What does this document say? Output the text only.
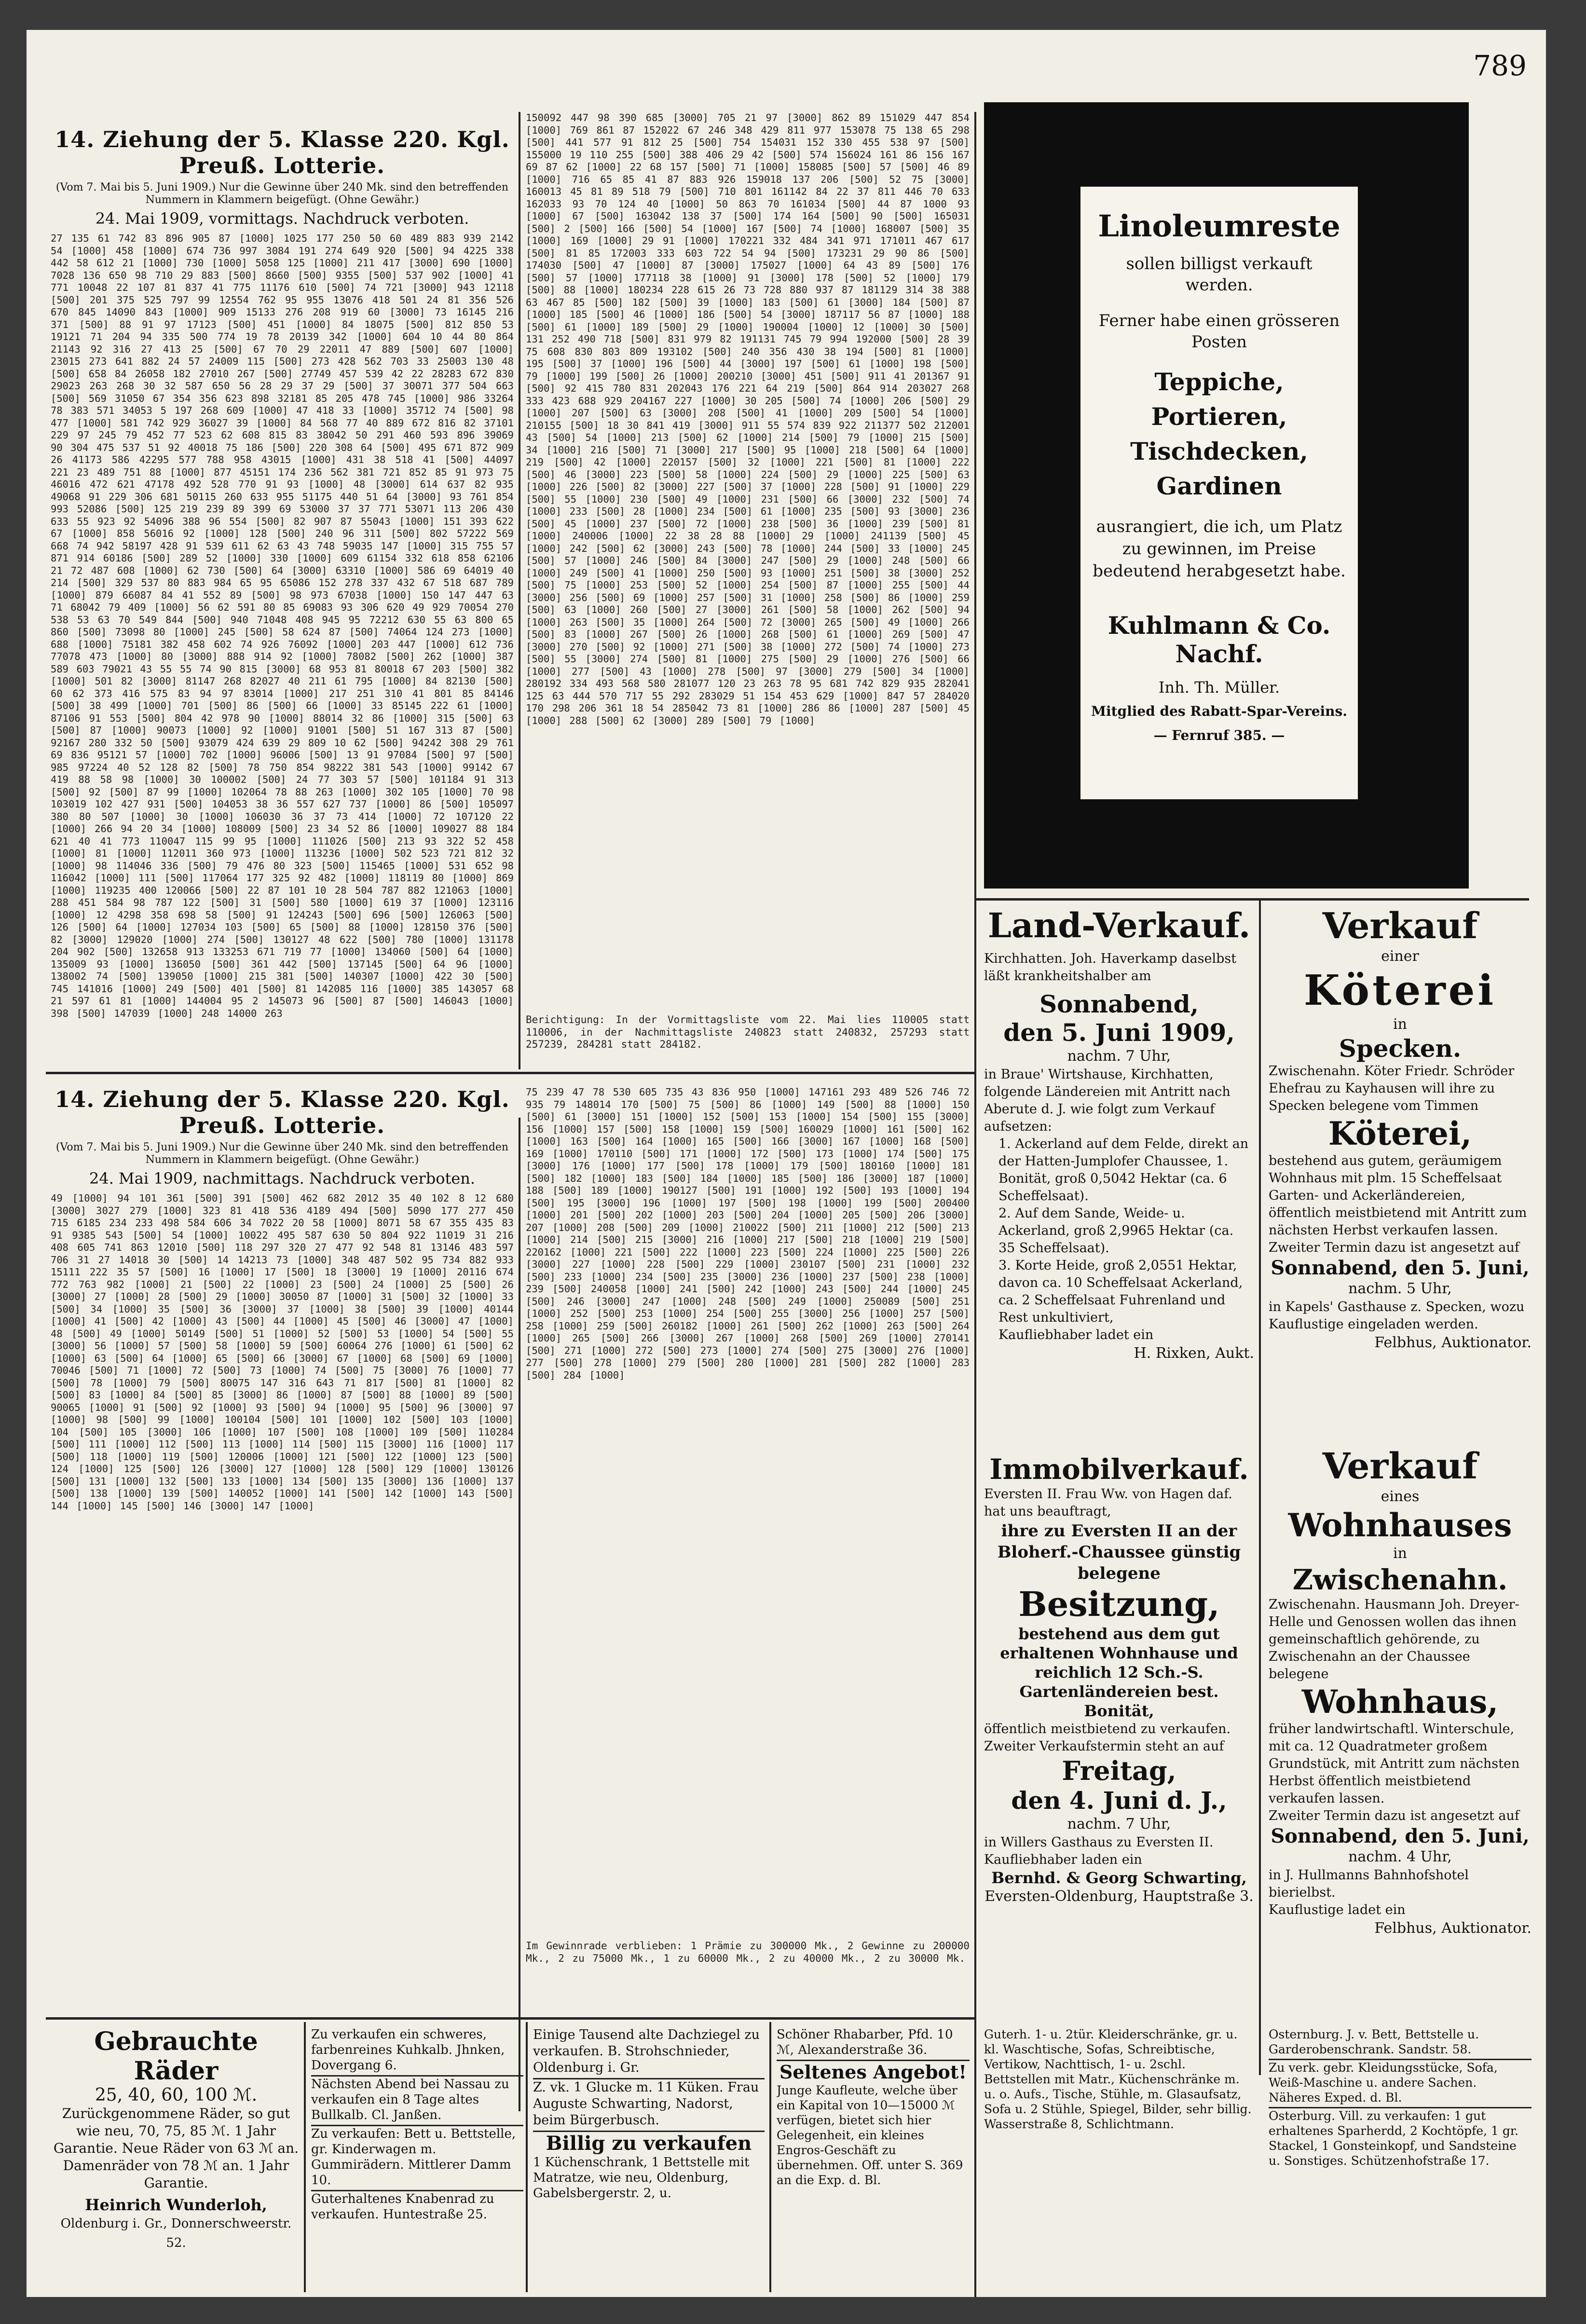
789
14. Ziehung der 5. Klasse 220. Kgl. Preuß. Lotterie.
(Vom 7. Mai bis 5. Juni 1909.) Nur die Gewinne über 240 Mk. sind den betreffenden Nummern in Klammern beigefügt. (Ohne Gewähr.)
24. Mai 1909, vormittags. Nachdruck verboten.
27 135 61 742 83 896 905 87 [1000] 1025 177 250 50 60 489 883 939 2142 54 [1000] 458 [1000] 674 736 997 3084 191 274 649 920 [500] 94 4225 338 442 58 612 21 [1000] 730 [1000] 5058 125 [1000] 211 417 [3000] 690 [1000] 7028 136 650 98 710 29 883 [500] 8660 [500] 9355 [500] 537 902 [1000] 41 771 10048 22 107 81 837 41 775 11176 610 [500] 74 721 [3000] 943 12118 [500] 201 375 525 797 99 12554 762 95 955 13076 418 501 24 81 356 526 670 845 14090 843 [1000] 909 15133 276 208 919 60 [3000] 73 16145 216 371 [500] 88 91 97 17123 [500] 451 [1000] 84 18075 [500] 812 850 53 19121 71 204 94 335 500 774 19 78 20139 342 [1000] 604 10 44 80 864 21143 92 316 27 413 25 [500] 67 70 29 22011 47 889 [500] 607 [1000] 23015 273 641 882 24 57 24009 115 [500] 273 428 562 703 33 25003 130 48 [500] 658 84 26058 182 27010 267 [500] 27749 457 539 42 22 28283 672 830 29023 263 268 30 32 587 650 56 28 29 37 29 [500] 37 30071 377 504 663 [500] 569 31050 67 354 356 623 898 32181 85 205 478 745 [1000] 986 33264 78 383 571 34053 5 197 268 609 [1000] 47 418 33 [1000] 35712 74 [500] 98 477 [1000] 581 742 929 36027 39 [1000] 84 568 77 40 889 672 816 82 37101 229 97 245 79 452 77 523 62 608 815 83 38042 50 291 460 593 896 39069 90 304 475 537 51 92 40018 75 186 [500] 220 308 64 [500] 495 671 872 909 26 41173 586 42295 577 788 958 43015 [1000] 431 38 518 41 [500] 44097 221 23 489 751 88 [1000] 877 45151 174 236 562 381 721 852 85 91 973 75 46016 472 621 47178 492 528 770 91 93 [1000] 48 [3000] 614 637 82 935 49068 91 229 306 681 50115 260 633 955 51175 440 51 64 [3000] 93 761 854 993 52086 [500] 125 219 239 89 399 69 53000 37 37 771 53071 113 206 430 633 55 923 92 54096 388 96 554 [500] 82 907 87 55043 [1000] 151 393 622 67 [1000] 858 56016 92 [1000] 128 [500] 240 96 311 [500] 802 57222 569 668 74 942 58197 428 91 539 611 62 63 43 748 59035 147 [1000] 315 755 57 871 914 60186 [500] 289 52 [1000] 330 [1000] 609 61154 332 618 858 62106 21 72 487 608 [1000] 62 730 [500] 64 [3000] 63310 [1000] 586 69 64019 40 214 [500] 329 537 80 883 984 65 95 65086 152 278 337 432 67 518 687 789 [1000] 879 66087 84 41 552 89 [500] 98 973 67038 [1000] 150 147 447 63 71 68042 79 409 [1000] 56 62 591 80 85 69083 93 306 620 49 929 70054 270 538 53 63 70 549 844 [500] 940 71048 408 945 95 72212 630 55 63 800 65 860 [500] 73098 80 [1000] 245 [500] 58 624 87 [500] 74064 124 273 [1000] 688 [1000] 75181 382 458 602 74 926 76092 [1000] 203 447 [1000] 612 736 77078 473 [1000] 80 [3000] 888 914 92 [1000] 78082 [500] 262 [1000] 387 589 603 79021 43 55 55 74 90 815 [3000] 68 953 81 80018 67 203 [500] 382 [1000] 501 82 [3000] 81147 268 82027 40 211 61 795 [1000] 84 82130 [500] 60 62 373 416 575 83 94 97 83014 [1000] 217 251 310 41 801 85 84146 [500] 38 499 [1000] 701 [500] 86 [500] 66 [1000] 33 85145 222 61 [1000] 87106 91 553 [500] 804 42 978 90 [1000] 88014 32 86 [1000] 315 [500] 63 [500] 87 [1000] 90073 [1000] 92 [1000] 91001 [500] 51 167 313 87 [500] 92167 280 332 50 [500] 93079 424 639 29 809 10 62 [500] 94242 308 29 761 69 836 95121 57 [1000] 702 [1000] 96006 [500] 13 91 97084 [500] 97 [500] 985 97224 40 52 128 82 [500] 78 750 854 98222 381 543 [1000] 99142 67 419 88 58 98 [1000] 30 100002 [500] 24 77 303 57 [500] 101184 91 313 [500] 92 [500] 87 99 [1000] 102064 78 88 263 [1000] 302 105 [1000] 70 98 103019 102 427 931 [500] 104053 38 36 557 627 737 [1000] 86 [500] 105097 380 80 507 [1000] 30 [1000] 106030 36 37 73 414 [1000] 72 107120 22 [1000] 266 94 20 34 [1000] 108009 [500] 23 34 52 86 [1000] 109027 88 184 621 40 41 773 110047 115 99 95 [1000] 111026 [500] 213 93 322 52 458 [1000] 81 [1000] 112011 360 973 [1000] 113236 [1000] 502 523 721 812 32 [1000] 98 114046 336 [500] 79 476 80 323 [500] 115465 [1000] 531 652 98 116042 [1000] 111 [500] 117064 177 325 92 482 [1000] 118119 80 [1000] 869 [1000] 119235 400 120066 [500] 22 87 101 10 28 504 787 882 121063 [1000] 288 451 584 98 787 122 [500] 31 [500] 580 [1000] 619 37 [1000] 123116 [1000] 12 4298 358 698 58 [500] 91 124243 [500] 696 [500] 126063 [500] 126 [500] 64 [1000] 127034 103 [500] 65 [500] 88 [1000] 128150 376 [500] 82 [3000] 129020 [1000] 274 [500] 130127 48 622 [500] 780 [1000] 131178 204 902 [500] 132658 913 133253 671 719 77 [1000] 134060 [500] 64 [1000] 135009 93 [1000] 136050 [500] 361 442 [500] 137145 [500] 64 96 [1000] 138002 74 [500] 139050 [1000] 215 381 [500] 140307 [1000] 422 30 [500] 745 141016 [1000] 249 [500] 401 [500] 81 142085 116 [1000] 385 143057 68 21 597 61 81 [1000] 144004 95 2 145073 96 [500] 87 [500] 146043 [1000] 398 [500] 147039 [1000] 248 14000 263
150092 447 98 390 685 [3000] 705 21 97 [3000] 862 89 151029 447 854 [1000] 769 861 87 152022 67 246 348 429 811 977 153078 75 138 65 298 [500] 441 577 91 812 25 [500] 754 154031 152 330 455 538 97 [500] 155000 19 110 255 [500] 388 406 29 42 [500] 574 156024 161 86 156 167 69 87 62 [1000] 22 68 157 [500] 71 [1000] 158085 [500] 57 [500] 46 89 [1000] 716 65 85 41 87 883 926 159018 137 206 [500] 52 75 [3000] 160013 45 81 89 518 79 [500] 710 801 161142 84 22 37 811 446 70 633 162033 93 70 124 40 [1000] 50 863 70 161034 [500] 44 87 1000 93 [1000] 67 [500] 163042 138 37 [500] 174 164 [500] 90 [500] 165031 [500] 2 [500] 166 [500] 54 [1000] 167 [500] 74 [1000] 168007 [500] 35 [1000] 169 [1000] 29 91 [1000] 170221 332 484 341 971 171011 467 617 [500] 81 85 172003 333 603 722 54 94 [500] 173231 29 90 86 [500] 174030 [500] 47 [1000] 87 [3000] 175027 [1000] 64 43 89 [500] 176 [500] 57 [1000] 177118 38 [1000] 91 [3000] 178 [500] 52 [1000] 179 [500] 88 [1000] 180234 228 615 26 73 728 880 937 87 181129 314 38 388 63 467 85 [500] 182 [500] 39 [1000] 183 [500] 61 [3000] 184 [500] 87 [1000] 185 [500] 46 [1000] 186 [500] 54 [3000] 187117 56 87 [1000] 188 [500] 61 [1000] 189 [500] 29 [1000] 190004 [1000] 12 [1000] 30 [500] 131 252 490 718 [500] 831 979 82 191131 745 79 994 192000 [500] 28 39 75 608 830 803 809 193102 [500] 240 356 430 38 194 [500] 81 [1000] 195 [500] 37 [1000] 196 [500] 44 [3000] 197 [500] 61 [1000] 198 [500] 79 [1000] 199 [500] 26 [1000] 200210 [3000] 451 [500] 911 41 201367 91 [500] 92 415 780 831 202043 176 221 64 219 [500] 864 914 203027 268 333 423 688 929 204167 227 [1000] 30 205 [500] 74 [1000] 206 [500] 29 [1000] 207 [500] 63 [3000] 208 [500] 41 [1000] 209 [500] 54 [1000] 210155 [500] 18 30 841 419 [3000] 911 55 574 839 922 211377 502 212001 43 [500] 54 [1000] 213 [500] 62 [1000] 214 [500] 79 [1000] 215 [500] 34 [1000] 216 [500] 71 [3000] 217 [500] 95 [1000] 218 [500] 64 [1000] 219 [500] 42 [1000] 220157 [500] 32 [1000] 221 [500] 81 [1000] 222 [500] 46 [3000] 223 [500] 58 [1000] 224 [500] 29 [1000] 225 [500] 63 [1000] 226 [500] 82 [3000] 227 [500] 37 [1000] 228 [500] 91 [1000] 229 [500] 55 [1000] 230 [500] 49 [1000] 231 [500] 66 [3000] 232 [500] 74 [1000] 233 [500] 28 [1000] 234 [500] 61 [1000] 235 [500] 93 [3000] 236 [500] 45 [1000] 237 [500] 72 [1000] 238 [500] 36 [1000] 239 [500] 81 [1000] 240006 [1000] 22 38 28 88 [1000] 29 [1000] 241139 [500] 45 [1000] 242 [500] 62 [3000] 243 [500] 78 [1000] 244 [500] 33 [1000] 245 [500] 57 [1000] 246 [500] 84 [3000] 247 [500] 29 [1000] 248 [500] 66 [1000] 249 [500] 41 [1000] 250 [500] 93 [1000] 251 [500] 38 [3000] 252 [500] 75 [1000] 253 [500] 52 [1000] 254 [500] 87 [1000] 255 [500] 44 [3000] 256 [500] 69 [1000] 257 [500] 31 [1000] 258 [500] 86 [1000] 259 [500] 63 [1000] 260 [500] 27 [3000] 261 [500] 58 [1000] 262 [500] 94 [1000] 263 [500] 35 [1000] 264 [500] 72 [3000] 265 [500] 49 [1000] 266 [500] 83 [1000] 267 [500] 26 [1000] 268 [500] 61 [1000] 269 [500] 47 [3000] 270 [500] 92 [1000] 271 [500] 38 [1000] 272 [500] 74 [1000] 273 [500] 55 [3000] 274 [500] 81 [1000] 275 [500] 29 [1000] 276 [500] 66 [1000] 277 [500] 43 [1000] 278 [500] 97 [3000] 279 [500] 34 [1000] 280192 334 493 568 580 281077 120 23 263 78 95 681 742 829 935 282041 125 63 444 570 717 55 292 283029 51 154 453 629 [1000] 847 57 284020 170 298 206 361 18 54 285042 73 81 [1000] 286 86 [1000] 287 [500] 45 [1000] 288 [500] 62 [3000] 289 [500] 79 [1000]
Berichtigung: In der Vormittagsliste vom 22. Mai lies 110005 statt 110006, in der Nachmittagsliste 240823 statt 240832, 257293 statt 257239, 284281 statt 284182.
14. Ziehung der 5. Klasse 220. Kgl. Preuß. Lotterie.
(Vom 7. Mai bis 5. Juni 1909.) Nur die Gewinne über 240 Mk. sind den betreffenden Nummern in Klammern beigefügt. (Ohne Gewähr.)
24. Mai 1909, nachmittags. Nachdruck verboten.
49 [1000] 94 101 361 [500] 391 [500] 462 682 2012 35 40 102 8 12 680 [3000] 3027 279 [1000] 323 81 418 536 4189 494 [500] 5090 177 277 450 715 6185 234 233 498 584 606 34 7022 20 58 [1000] 8071 58 67 355 435 83 91 9385 543 [500] 54 [1000] 10022 495 587 630 50 804 922 11019 31 216 408 605 741 863 12010 [500] 118 297 320 27 477 92 548 81 13146 483 597 706 31 27 14018 30 [500] 14 14213 73 [1000] 348 487 502 95 734 882 933 15111 222 35 57 [500] 16 [1000] 17 [500] 18 [3000] 19 [1000] 20116 674 772 763 982 [1000] 21 [500] 22 [1000] 23 [500] 24 [1000] 25 [500] 26 [3000] 27 [1000] 28 [500] 29 [1000] 30050 87 [1000] 31 [500] 32 [1000] 33 [500] 34 [1000] 35 [500] 36 [3000] 37 [1000] 38 [500] 39 [1000] 40144 [1000] 41 [500] 42 [1000] 43 [500] 44 [1000] 45 [500] 46 [3000] 47 [1000] 48 [500] 49 [1000] 50149 [500] 51 [1000] 52 [500] 53 [1000] 54 [500] 55 [3000] 56 [1000] 57 [500] 58 [1000] 59 [500] 60064 276 [1000] 61 [500] 62 [1000] 63 [500] 64 [1000] 65 [500] 66 [3000] 67 [1000] 68 [500] 69 [1000] 70046 [500] 71 [1000] 72 [500] 73 [1000] 74 [500] 75 [3000] 76 [1000] 77 [500] 78 [1000] 79 [500] 80075 147 316 643 71 817 [500] 81 [1000] 82 [500] 83 [1000] 84 [500] 85 [3000] 86 [1000] 87 [500] 88 [1000] 89 [500] 90065 [1000] 91 [500] 92 [1000] 93 [500] 94 [1000] 95 [500] 96 [3000] 97 [1000] 98 [500] 99 [1000] 100104 [500] 101 [1000] 102 [500] 103 [1000] 104 [500] 105 [3000] 106 [1000] 107 [500] 108 [1000] 109 [500] 110284 [500] 111 [1000] 112 [500] 113 [1000] 114 [500] 115 [3000] 116 [1000] 117 [500] 118 [1000] 119 [500] 120006 [1000] 121 [500] 122 [1000] 123 [500] 124 [1000] 125 [500] 126 [3000] 127 [1000] 128 [500] 129 [1000] 130126 [500] 131 [1000] 132 [500] 133 [1000] 134 [500] 135 [3000] 136 [1000] 137 [500] 138 [1000] 139 [500] 140052 [1000] 141 [500] 142 [1000] 143 [500] 144 [1000] 145 [500] 146 [3000] 147 [1000]
75 239 47 78 530 605 735 43 836 950 [1000] 147161 293 489 526 746 72 935 79 148014 170 [500] 75 [500] 86 [1000] 149 [500] 88 [1000] 150 [500] 61 [3000] 151 [1000] 152 [500] 153 [1000] 154 [500] 155 [3000] 156 [1000] 157 [500] 158 [1000] 159 [500] 160029 [1000] 161 [500] 162 [1000] 163 [500] 164 [1000] 165 [500] 166 [3000] 167 [1000] 168 [500] 169 [1000] 170110 [500] 171 [1000] 172 [500] 173 [1000] 174 [500] 175 [3000] 176 [1000] 177 [500] 178 [1000] 179 [500] 180160 [1000] 181 [500] 182 [1000] 183 [500] 184 [1000] 185 [500] 186 [3000] 187 [1000] 188 [500] 189 [1000] 190127 [500] 191 [1000] 192 [500] 193 [1000] 194 [500] 195 [3000] 196 [1000] 197 [500] 198 [1000] 199 [500] 200400 [1000] 201 [500] 202 [1000] 203 [500] 204 [1000] 205 [500] 206 [3000] 207 [1000] 208 [500] 209 [1000] 210022 [500] 211 [1000] 212 [500] 213 [1000] 214 [500] 215 [3000] 216 [1000] 217 [500] 218 [1000] 219 [500] 220162 [1000] 221 [500] 222 [1000] 223 [500] 224 [1000] 225 [500] 226 [3000] 227 [1000] 228 [500] 229 [1000] 230107 [500] 231 [1000] 232 [500] 233 [1000] 234 [500] 235 [3000] 236 [1000] 237 [500] 238 [1000] 239 [500] 240058 [1000] 241 [500] 242 [1000] 243 [500] 244 [1000] 245 [500] 246 [3000] 247 [1000] 248 [500] 249 [1000] 250089 [500] 251 [1000] 252 [500] 253 [1000] 254 [500] 255 [3000] 256 [1000] 257 [500] 258 [1000] 259 [500] 260182 [1000] 261 [500] 262 [1000] 263 [500] 264 [1000] 265 [500] 266 [3000] 267 [1000] 268 [500] 269 [1000] 270141 [500] 271 [1000] 272 [500] 273 [1000] 274 [500] 275 [3000] 276 [1000] 277 [500] 278 [1000] 279 [500] 280 [1000] 281 [500] 282 [1000] 283 [500] 284 [1000]
Im Gewinnrade verblieben: 1 Prämie zu 300000 Mk., 2 Gewinne zu 200000 Mk., 2 zu 75000 Mk., 1 zu 60000 Mk., 2 zu 40000 Mk., 2 zu 30000 Mk.
Linoleumreste
sollen billigst verkauft werden.
Ferner habe einen grösseren Posten
Teppiche, Portieren, Tischdecken, Gardinen
ausrangiert, die ich, um Platz zu gewinnen, im Preise bedeutend herabgesetzt habe.
Kuhlmann & Co. Nachf.
Inh. Th. Müller.
Mitglied des Rabatt-Spar-Vereins.
— Fernruf 385. —
Land-Verkauf.
Kirchhatten. Joh. Haverkamp daselbst läßt krankheitshalber am
Sonnabend,
den 5. Juni 1909,
nachm. 7 Uhr,
in Braue' Wirtshause, Kirchhatten, folgende Ländereien mit Antritt nach Aberute d. J. wie folgt zum Verkauf aufsetzen:
1. Ackerland auf dem Felde, direkt an der Hatten-Jumplofer Chaussee, 1. Bonität, groß 0,5042 Hektar (ca. 6 Scheffelsaat).
2. Auf dem Sande, Weide- u. Ackerland, groß 2,9965 Hektar (ca. 35 Scheffelsaat).
3. Korte Heide, groß 2,0551 Hektar, davon ca. 10 Scheffelsaat Ackerland, ca. 2 Scheffelsaat Fuhrenland und Rest unkultiviert,
Kaufliebhaber ladet ein
H. Rixken, Aukt.
Immobilverkauf.
Eversten II. Frau Ww. von Hagen daf. hat uns beauftragt,
ihre zu Eversten II an der Bloherf.-Chaussee günstig belegene
Besitzung,
bestehend aus dem gut erhaltenen Wohnhause und reichlich 12 Sch.-S. Gartenländereien best. Bonität,
öffentlich meistbietend zu verkaufen.
Zweiter Verkaufstermin steht an auf
Freitag,
den 4. Juni d. J.,
nachm. 7 Uhr,
in Willers Gasthaus zu Eversten II.
Kaufliebhaber laden ein
Bernhd. & Georg Schwarting,
Eversten-Oldenburg, Hauptstraße 3.
Verkauf
einer
Köterei
in
Specken.
Zwischenahn. Köter Friedr. Schröder Ehefrau zu Kayhausen will ihre zu Specken belegene vom Timmen
Köterei,
bestehend aus gutem, geräumigem Wohnhaus mit plm. 15 Scheffelsaat Garten- und Ackerländereien, öffentlich meistbietend mit Antritt zum nächsten Herbst verkaufen lassen.
Zweiter Termin dazu ist angesetzt auf
Sonnabend, den 5. Juni,
nachm. 5 Uhr,
in Kapels' Gasthause z. Specken, wozu Kauflustige eingeladen werden.
Felbhus, Auktionator.
Verkauf
eines
Wohnhauses
in
Zwischenahn.
Zwischenahn. Hausmann Joh. Dreyer-Helle und Genossen wollen das ihnen gemeinschaftlich gehörende, zu Zwischenahn an der Chaussee belegene
Wohnhaus,
früher landwirtschaftl. Winterschule, mit ca. 12 Quadratmeter großem Grundstück, mit Antritt zum nächsten Herbst öffentlich meistbietend verkaufen lassen.
Zweiter Termin dazu ist angesetzt auf
Sonnabend, den 5. Juni,
nachm. 4 Uhr,
in J. Hullmanns Bahnhofshotel bierielbst.
Kauflustige ladet ein
Felbhus, Auktionator.
Gebrauchte Räder
25, 40, 60, 100 ℳ.
Zurückgenommene Räder, so gut wie neu, 70, 75, 85 ℳ. 1 Jahr Garantie. Neue Räder von 63 ℳ an. Damenräder von 78 ℳ an. 1 Jahr Garantie.
Heinrich Wunderloh,
Oldenburg i. Gr., Donnerschweerstr. 52.
Zu verkaufen ein schweres, farbenreines Kuhkalb. Jhnken, Dovergang 6.
Nächsten Abend bei Nassau zu verkaufen ein 8 Tage altes Bullkalb. Cl. Janßen.
Zu verkaufen: Bett u. Bettstelle, gr. Kinderwagen m. Gummirädern. Mittlerer Damm 10.
Guterhaltenes Knabenrad zu verkaufen. Huntestraße 25.
Einige Tausend alte Dachziegel zu verkaufen. B. Strohschnieder, Oldenburg i. Gr.
Z. vk. 1 Glucke m. 11 Küken. Frau Auguste Schwarting, Nadorst, beim Bürgerbusch.
Billig zu verkaufen
1 Küchenschrank, 1 Bettstelle mit Matratze, wie neu, Oldenburg, Gabelsbergerstr. 2, u.
Schöner Rhabarber, Pfd. 10 ℳ, Alexanderstraße 36.
Seltenes Angebot!
Junge Kaufleute, welche über ein Kapital von 10—15000 ℳ verfügen, bietet sich hier Gelegenheit, ein kleines Engros-Geschäft zu übernehmen. Off. unter S. 369 an die Exp. d. Bl.
Guterh. 1- u. 2tür. Kleiderschränke, gr. u. kl. Waschtische, Sofas, Schreibtische, Vertikow, Nachttisch, 1- u. 2schl. Bettstellen mit Matr., Küchenschränke m. u. o. Aufs., Tische, Stühle, m. Glasaufsatz, Sofa u. 2 Stühle, Spiegel, Bilder, sehr billig. Wasserstraße 8, Schlichtmann.
Osternburg. J. v. Bett, Bettstelle u. Garderobenschrank. Sandstr. 58.
Zu verk. gebr. Kleidungsstücke, Sofa, Weiß-Maschine u. andere Sachen. Näheres Exped. d. Bl.
Osterburg. Vill. zu verkaufen: 1 gut erhaltenes Sparherdd, 2 Kochtöpfe, 1 gr. Stackel, 1 Gonsteinkopf, und Sandsteine u. Sonstiges. Schützenhofstraße 17.
